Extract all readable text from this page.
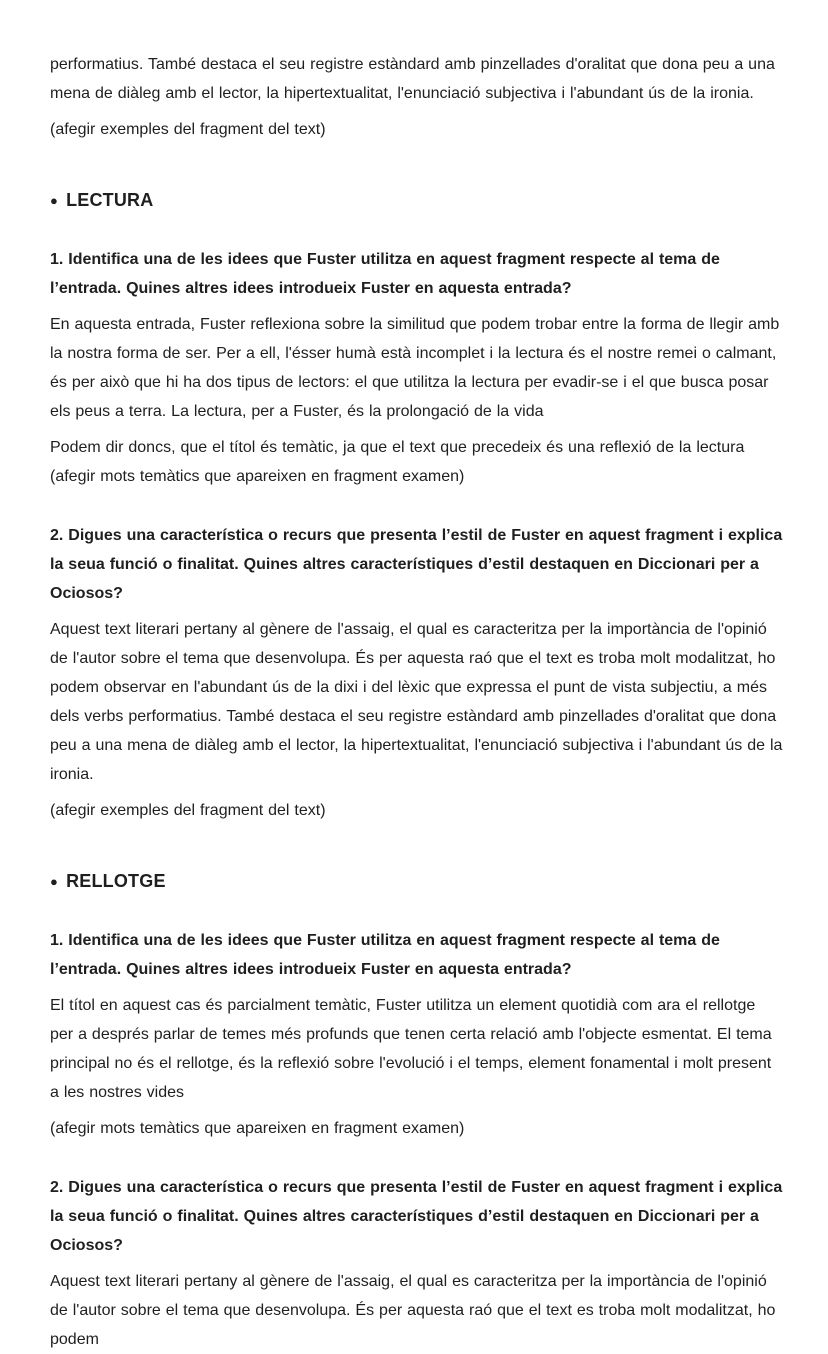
performatius. També destaca el seu registre estàndard amb pinzellades d'oralitat que dona peu a una mena de diàleg amb el lector, la hipertextualitat, l'enunciació subjectiva i l'abundant ús de la ironia.

(afegir exemples del fragment del text)

● LECTURA

1. Identifica una de les idees que Fuster utilitza en aquest fragment respecte al tema de l’entrada. Quines altres idees introdueix Fuster en aquesta entrada?

En aquesta entrada, Fuster reflexiona sobre la similitud que podem trobar entre la forma de llegir amb la nostra forma de ser. Per a ell, l'ésser humà està incomplet i la lectura és el nostre remei o calmant, és per això que hi ha dos tipus de lectors: el que utilitza la lectura per evadir-se i el que busca posar els peus a terra. La lectura, per a Fuster, és la prolongació de la vida

Podem dir doncs, que el títol és temàtic, ja que el text que precedeix és una reflexió de la lectura (afegir mots temàtics que apareixen en fragment examen)

2. Digues una característica o recurs que presenta l’estil de Fuster en aquest fragment i explica la seua funció o finalitat. Quines altres característiques d’estil destaquen en Diccionari per a Ociosos?

Aquest text literari pertany al gènere de l'assaig, el qual es caracteritza per la importància de l'opinió de l'autor sobre el tema que desenvolupa. És per aquesta raó que el text es troba molt modalitzat, ho podem observar en l'abundant ús de la dixi i del lèxic que expressa el punt de vista subjectiu, a més dels verbs performatius. També destaca el seu registre estàndard amb pinzellades d'oralitat que dona peu a una mena de diàleg amb el lector, la hipertextualitat, l'enunciació subjectiva i l'abundant ús de la ironia.

(afegir exemples del fragment del text)

● RELLOTGE

1. Identifica una de les idees que Fuster utilitza en aquest fragment respecte al tema de l’entrada. Quines altres idees introdueix Fuster en aquesta entrada?

El títol en aquest cas és parcialment temàtic, Fuster utilitza un element quotidià com ara el rellotge per a després parlar de temes més profunds que tenen certa relació amb l'objecte esmentat. El tema principal no és el rellotge, és la reflexió sobre l'evolució i el temps, element fonamental i molt present a les nostres vides

(afegir mots temàtics que apareixen en fragment examen)

2. Digues una característica o recurs que presenta l’estil de Fuster en aquest fragment i explica la seua funció o finalitat. Quines altres característiques d’estil destaquen en Diccionari per a Ociosos?

Aquest text literari pertany al gènere de l'assaig, el qual es caracteritza per la importància de l'opinió de l'autor sobre el tema que desenvolupa. És per aquesta raó que el text es troba molt modalitzat, ho podem
